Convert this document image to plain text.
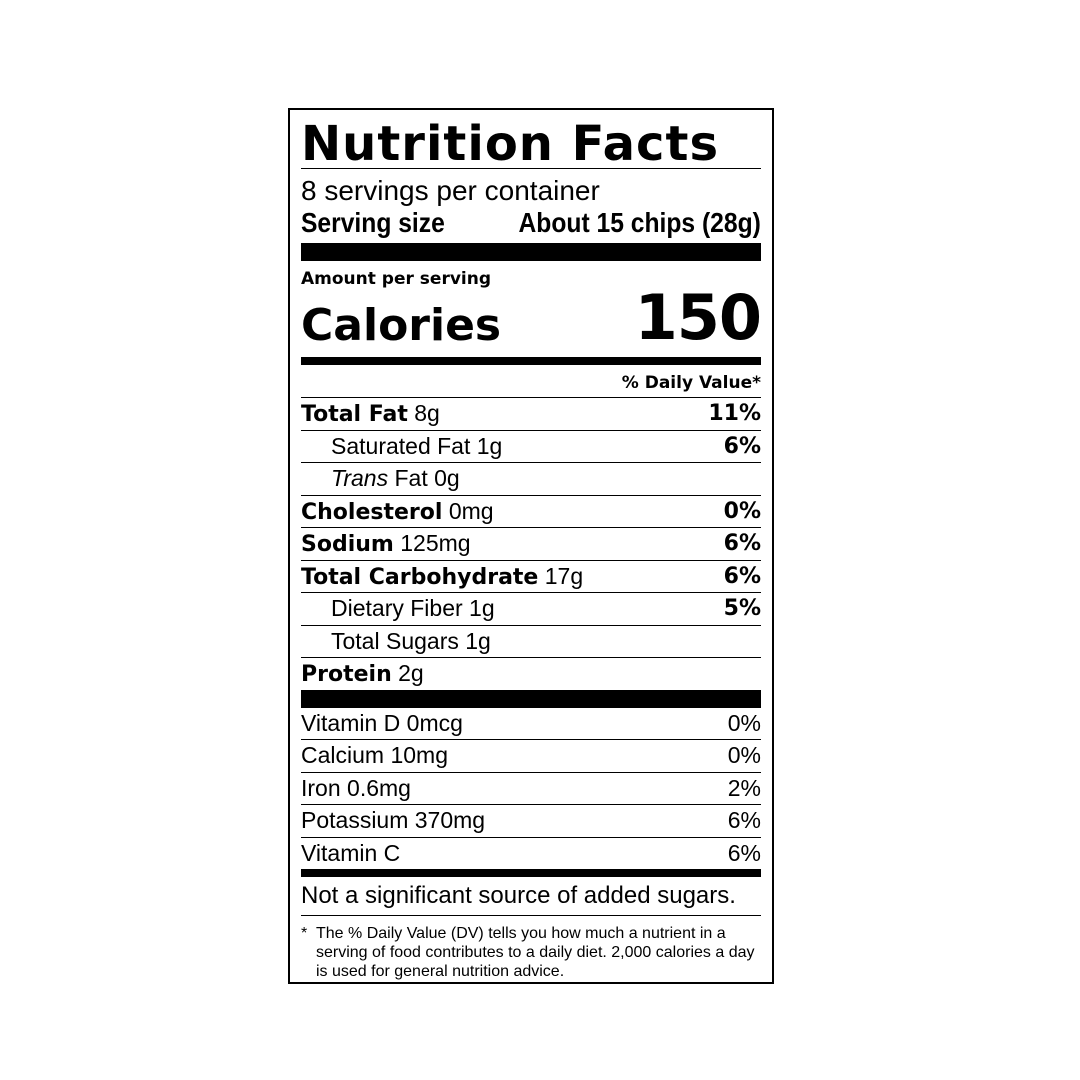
Nutrition Facts
8 servings per container
Serving size	About 15 chips (28g)
Amount per serving
Calories 150
% Daily Value*
Total Fat 8g	11%
Saturated Fat 1g	6%
Trans Fat 0g
Cholesterol 0mg	0%
Sodium 125mg	6%
Total Carbohydrate 17g	6%
Dietary Fiber 1g	5%
Total Sugars 1g
Protein 2g
Vitamin D 0mcg	0%
Calcium 10mg	0%
Iron 0.6mg	2%
Potassium 370mg	6%
Vitamin C	6%
Not a significant source of added sugars.
* The % Daily Value (DV) tells you how much a nutrient in a serving of food contributes to a daily diet. 2,000 calories a day is used for general nutrition advice.
